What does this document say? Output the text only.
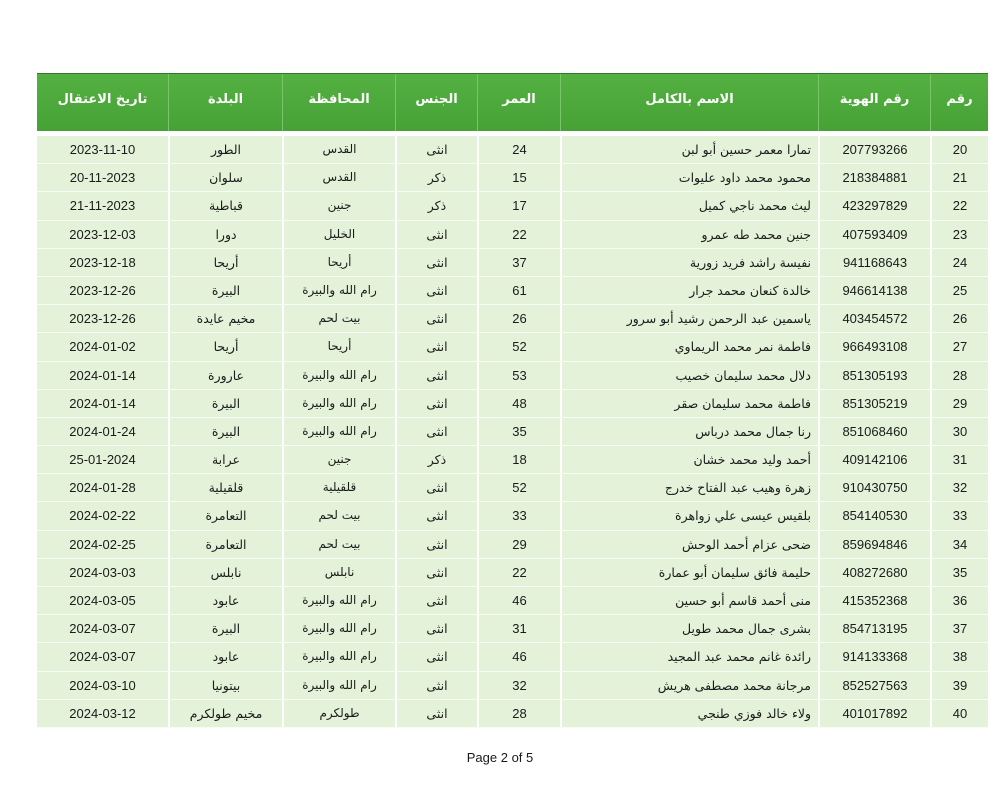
رقم
رقم الهوية
الاسم بالكامل
العمر
الجنس
المحافظة
البلدة
تاريخ الاعتقال
20
207793266
تمارا معمر حسين أبو لبن
24
انثى
القدس
الطور
2023-11-10
21
218384881
محمود محمد داود عليوات
15
ذكر
القدس
سلوان
20-11-2023
22
423297829
ليث محمد ناجي كميل
17
ذكر
جنين
قباطية
21-11-2023
23
407593409
جنين محمد طه عمرو
22
انثى
الخليل
دورا
2023-12-03
24
941168643
نفيسة راشد فريد زورية
37
انثى
أريحا
أريحا
2023-12-18
25
946614138
خالدة كنعان محمد جرار
61
انثى
رام الله والبيرة
البيرة
2023-12-26
26
403454572
ياسمين عبد الرحمن رشيد أبو سرور
26
انثى
بيت لحم
مخيم عايدة
2023-12-26
27
966493108
فاطمة نمر محمد الريماوي
52
انثى
أريحا
أريحا
2024-01-02
28
851305193
دلال محمد سليمان خصيب
53
انثى
رام الله والبيرة
عارورة
2024-01-14
29
851305219
فاطمة محمد سليمان صقر
48
انثى
رام الله والبيرة
البيرة
2024-01-14
30
851068460
رنا جمال محمد درباس
35
انثى
رام الله والبيرة
البيرة
2024-01-24
31
409142106
أحمد وليد محمد خشان
18
ذكر
جنين
عرابة
25-01-2024
32
910430750
زهرة وهيب عبد الفتاح خدرج
52
انثى
قلقيلية
قلقيلية
2024-01-28
33
854140530
بلقيس عيسى علي زواهرة
33
انثى
بيت لحم
التعامرة
2024-02-22
34
859694846
ضحى عزام أحمد الوحش
29
انثى
بيت لحم
التعامرة
2024-02-25
35
408272680
حليمة فائق سليمان أبو عمارة
22
انثى
نابلس
نابلس
2024-03-03
36
415352368
منى أحمد قاسم أبو حسين
46
انثى
رام الله والبيرة
عابود
2024-03-05
37
854713195
بشرى جمال محمد طويل
31
انثى
رام الله والبيرة
البيرة
2024-03-07
38
914133368
رائدة غانم محمد عبد المجيد
46
انثى
رام الله والبيرة
عابود
2024-03-07
39
852527563
مرجانة محمد مصطفى هريش
32
انثى
رام الله والبيرة
بيتونيا
2024-03-10
40
401017892
ولاء خالد فوزي طنجي
28
انثى
طولكرم
مخيم طولكرم
2024-03-12
Page 2 of 5
